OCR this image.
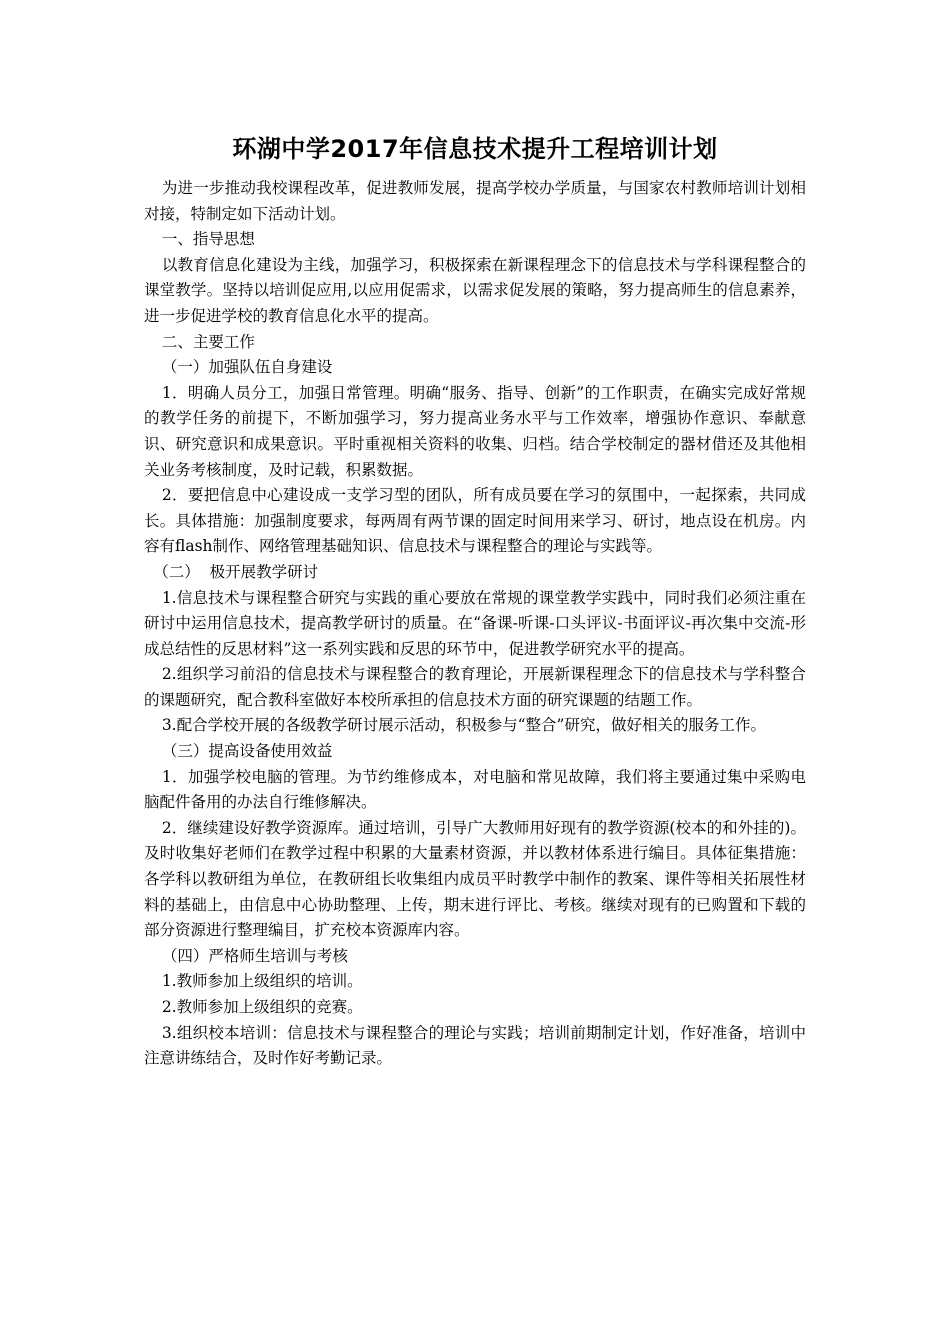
环湖中学2017年信息技术提升工程培训计划

为进一步推动我校课程改革，促进教师发展，提高学校办学质量，与国家农村教师培训计划相对接，特制定如下活动计划。

一、指导思想

以教育信息化建设为主线，加强学习，积极探索在新课程理念下的信息技术与学科课程整合的课堂教学。坚持以培训促应用,以应用促需求，以需求促发展的策略，努力提高师生的信息素养，进一步促进学校的教育信息化水平的提高。

二、主要工作

（一）加强队伍自身建设

1．明确人员分工，加强日常管理。明确“服务、指导、创新”的工作职责，在确实完成好常规的教学任务的前提下，不断加强学习，努力提高业务水平与工作效率，增强协作意识、奉献意识、研究意识和成果意识。平时重视相关资料的收集、归档。结合学校制定的器材借还及其他相关业务考核制度，及时记载，积累数据。

2．要把信息中心建设成一支学习型的团队，所有成员要在学习的氛围中，一起探索，共同成长。具体措施：加强制度要求，每两周有两节课的固定时间用来学习、研讨，地点设在机房。内容有flash制作、网络管理基础知识、信息技术与课程整合的理论与实践等。

（二）  极开展教学研讨

1.信息技术与课程整合研究与实践的重心要放在常规的课堂教学实践中，同时我们必须注重在研讨中运用信息技术，提高教学研讨的质量。在“备课-听课-口头评议-书面评议-再次集中交流-形成总结性的反思材料”这一系列实践和反思的环节中，促进教学研究水平的提高。

2.组织学习前沿的信息技术与课程整合的教育理论，开展新课程理念下的信息技术与学科整合的课题研究，配合教科室做好本校所承担的信息技术方面的研究课题的结题工作。

3.配合学校开展的各级教学研讨展示活动，积极参与“整合”研究，做好相关的服务工作。

（三）提高设备使用效益

1．加强学校电脑的管理。为节约维修成本，对电脑和常见故障，我们将主要通过集中采购电脑配件备用的办法自行维修解决。

2．继续建设好教学资源库。通过培训，引导广大教师用好现有的教学资源(校本的和外挂的)。及时收集好老师们在教学过程中积累的大量素材资源，并以教材体系进行编目。具体征集措施：各学科以教研组为单位，在教研组长收集组内成员平时教学中制作的教案、课件等相关拓展性材料的基础上，由信息中心协助整理、上传，期末进行评比、考核。继续对现有的已购置和下载的部分资源进行整理编目，扩充校本资源库内容。

（四）严格师生培训与考核

1.教师参加上级组织的培训。

2.教师参加上级组织的竞赛。

3.组织校本培训：信息技术与课程整合的理论与实践；培训前期制定计划，作好准备，培训中注意讲练结合，及时作好考勤记录。
